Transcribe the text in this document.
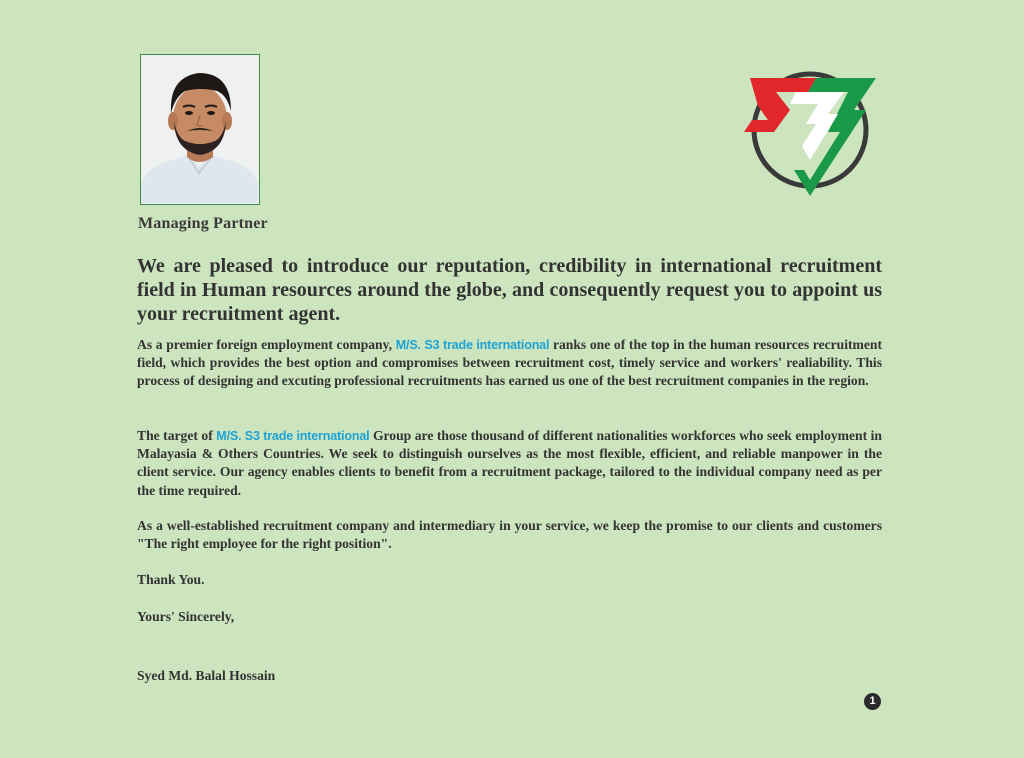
Managing Partner

We are pleased to introduce our reputation, credibility in international recruitment field in Human resources around the globe, and consequently request you to appoint us your recruitment agent.

As a premier foreign employment company, M/S. S3 trade international ranks one of the top in the human resources recruitment field, which provides the best option and compromises between recruitment cost, timely service and workers' realiability. This process of designing and excuting professional recruitments has earned us one of the best recruitment companies in the region.

The target of M/S. S3 trade international Group are those thousand of different nationalities workforces who seek employment in Malayasia & Others Countries. We seek to distinguish ourselves as the most flexible, efficient, and reliable manpower in the client service. Our agency enables clients to benefit from a recruitment package, tailored to the individual company need as per the time required.

As a well-established recruitment company and intermediary in your service, we keep the promise to our clients and customers "The right employee for the right position".

Thank You.

Yours' Sincerely,

Syed Md. Balal Hossain

1
